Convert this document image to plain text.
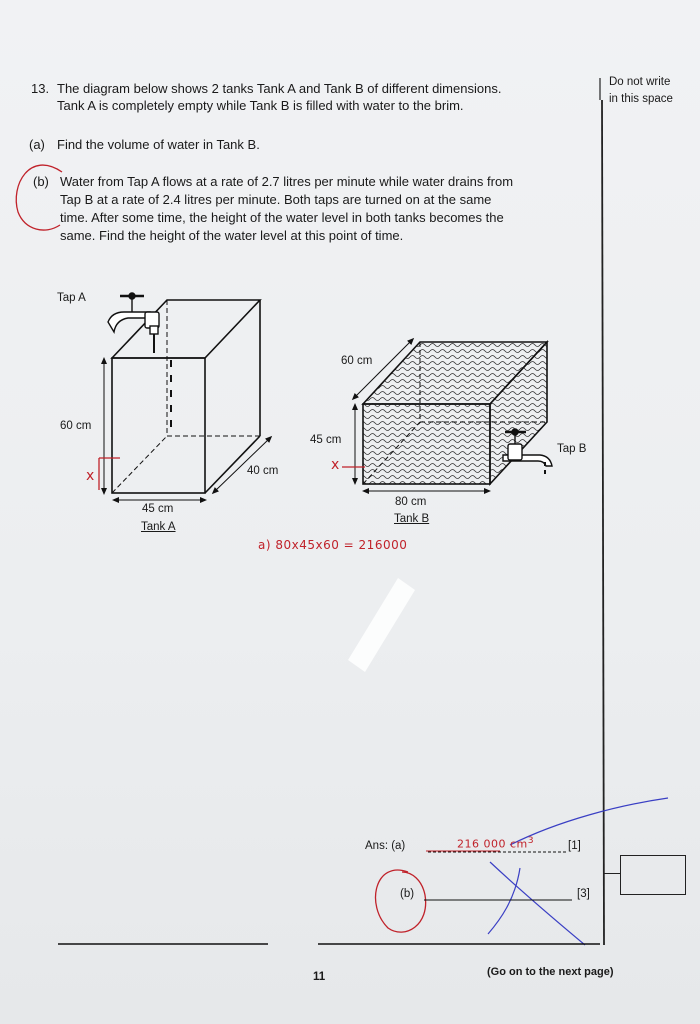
13. The diagram below shows 2 tanks Tank A and Tank B of different dimensions.
Tank A is completely empty while Tank B is filled with water to the brim.
(a) Find the volume of water in Tank B.
(b) Water from Tap A flows at a rate of 2.7 litres per minute while water drains from
Tap B at a rate of 2.4 litres per minute. Both taps are turned on at the same
time. After some time, the height of the water level in both tanks becomes the
same. Find the height of the water level at this point of time.
Do not write
in this space
Tap A
60 cm
40 cm
45 cm
Tank A
x
60 cm
45 cm
80 cm
Tank B
Tap B
x
a) 80x45x60 = 216000
Ans: (a)	216 000 $cm^3$	[1]
(b)	[3]
11	(Go on to the next page)
